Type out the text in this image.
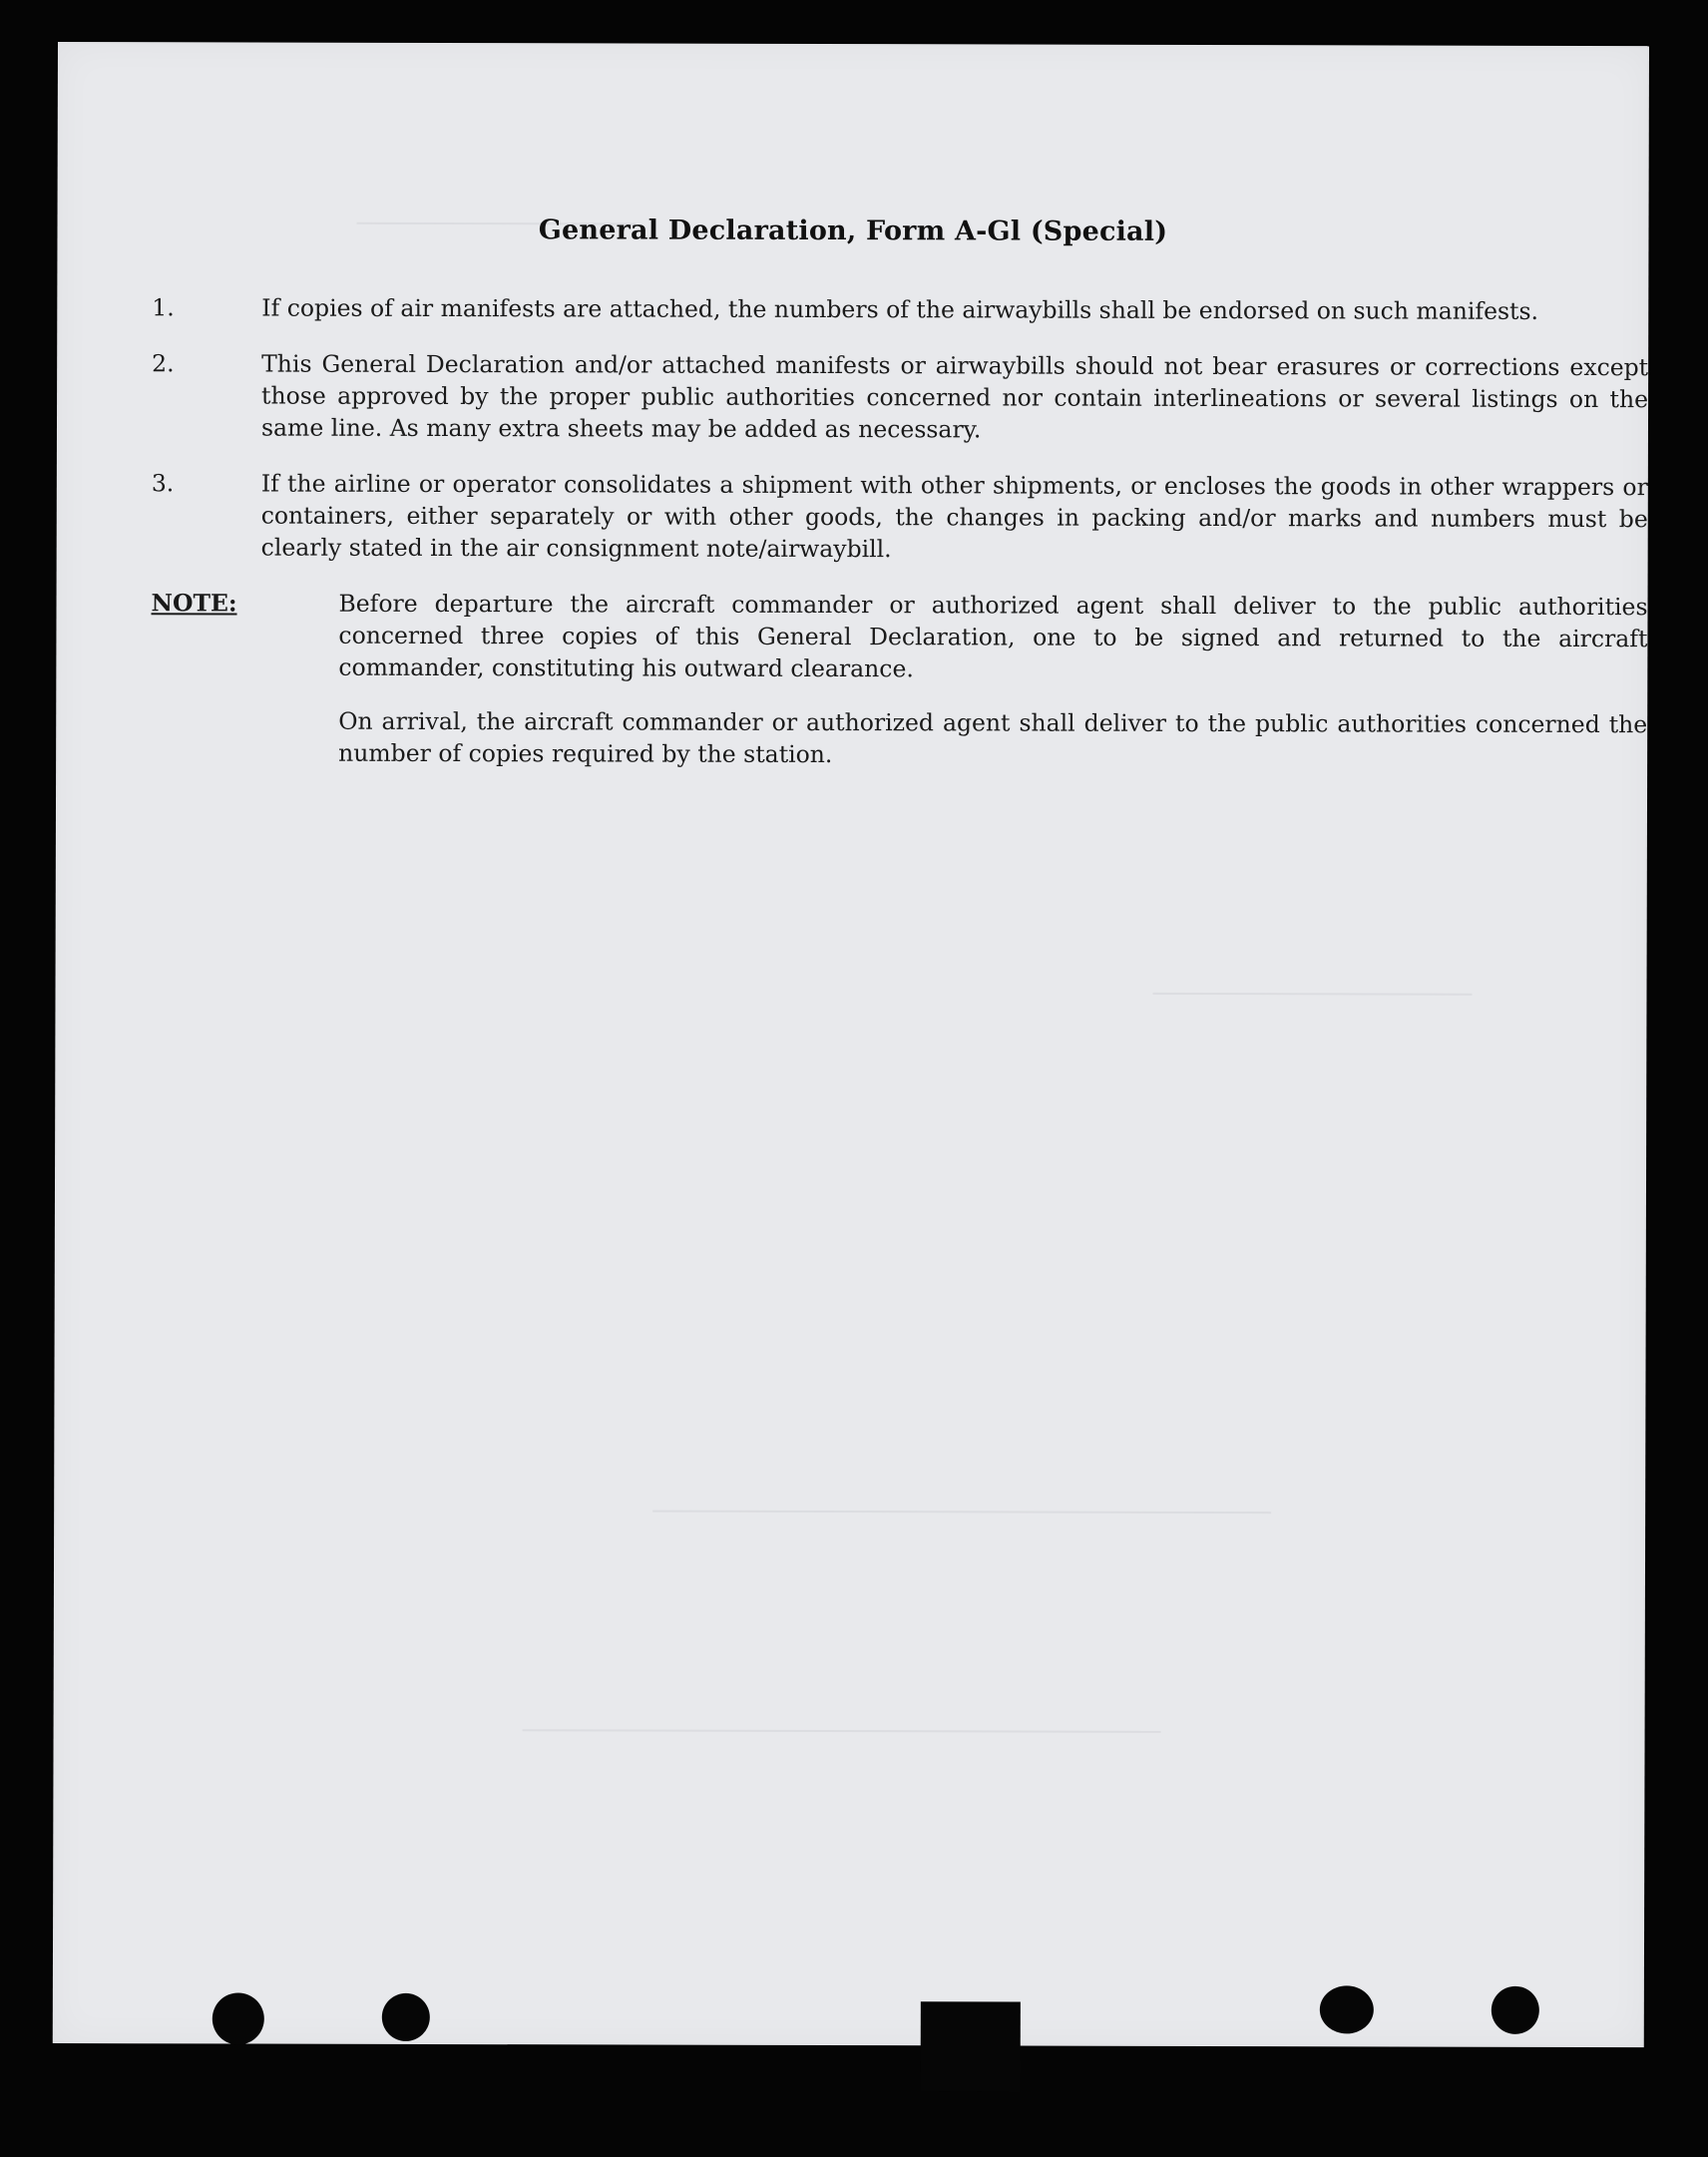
General Declaration, Form A-Gl (Special)
1.	If copies of air manifests are attached, the numbers of the airwaybills shall be endorsed on such manifests.
2.	This General Declaration and/or attached manifests or airwaybills should not bear erasures or corrections except those approved by the proper public authorities concerned nor contain interlineations or several listings on the same line. As many extra sheets may be added as necessary.
3.	If the airline or operator consolidates a shipment with other shipments, or encloses the goods in other wrappers or containers, either separately or with other goods, the changes in packing and/or marks and numbers must be clearly stated in the air consignment note/airwaybill.
NOTE:	Before departure the aircraft commander or authorized agent shall deliver to the public authorities concerned three copies of this General Declaration, one to be signed and returned to the aircraft commander, constituting his outward clearance.
On arrival, the aircraft commander or authorized agent shall deliver to the public authorities concerned the number of copies required by the station.
